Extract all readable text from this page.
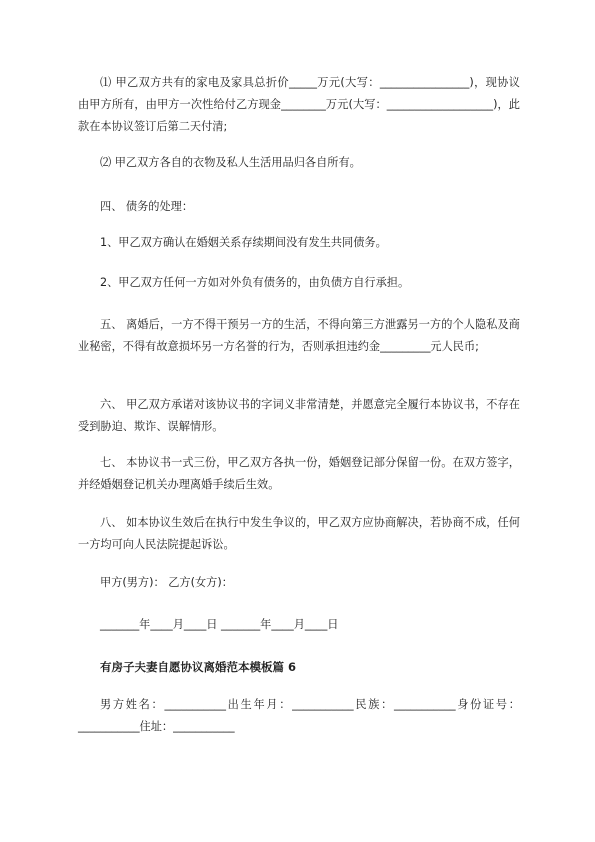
⑴ 甲乙双方共有的家电及家具总折价_____万元(大写：________________)，现协议由甲方所有，由甲方一次性给付乙方现金________万元(大写：___________________)，此款在本协议签订后第二天付清;

⑵ 甲乙双方各自的衣物及私人生活用品归各自所有。

四、 债务的处理：

1、甲乙双方确认在婚姻关系存续期间没有发生共同债务。

2、甲乙双方任何一方如对外负有债务的，由负债方自行承担。

五、 离婚后，一方不得干预另一方的生活，不得向第三方泄露另一方的个人隐私及商业秘密，不得有故意损坏另一方名誉的行为，否则承担违约金_________元人民币;

六、 甲乙双方承诺对该协议书的字词义非常清楚，并愿意完全履行本协议书，不存在受到胁迫、欺诈、误解情形。

七、 本协议书一式三份，甲乙双方各执一份，婚姻登记部分保留一份。在双方签字，并经婚姻登记机关办理离婚手续后生效。

八、 如本协议生效后在执行中发生争议的，甲乙双方应协商解决，若协商不成，任何一方均可向人民法院提起诉讼。

甲方(男方)： 乙方(女方)：

_______年____月____日 _______年____月____日

有房子夫妻自愿协议离婚范本模板篇 6

男方姓名：___________出生年月：___________民族：___________身份证号：___________住址：___________
